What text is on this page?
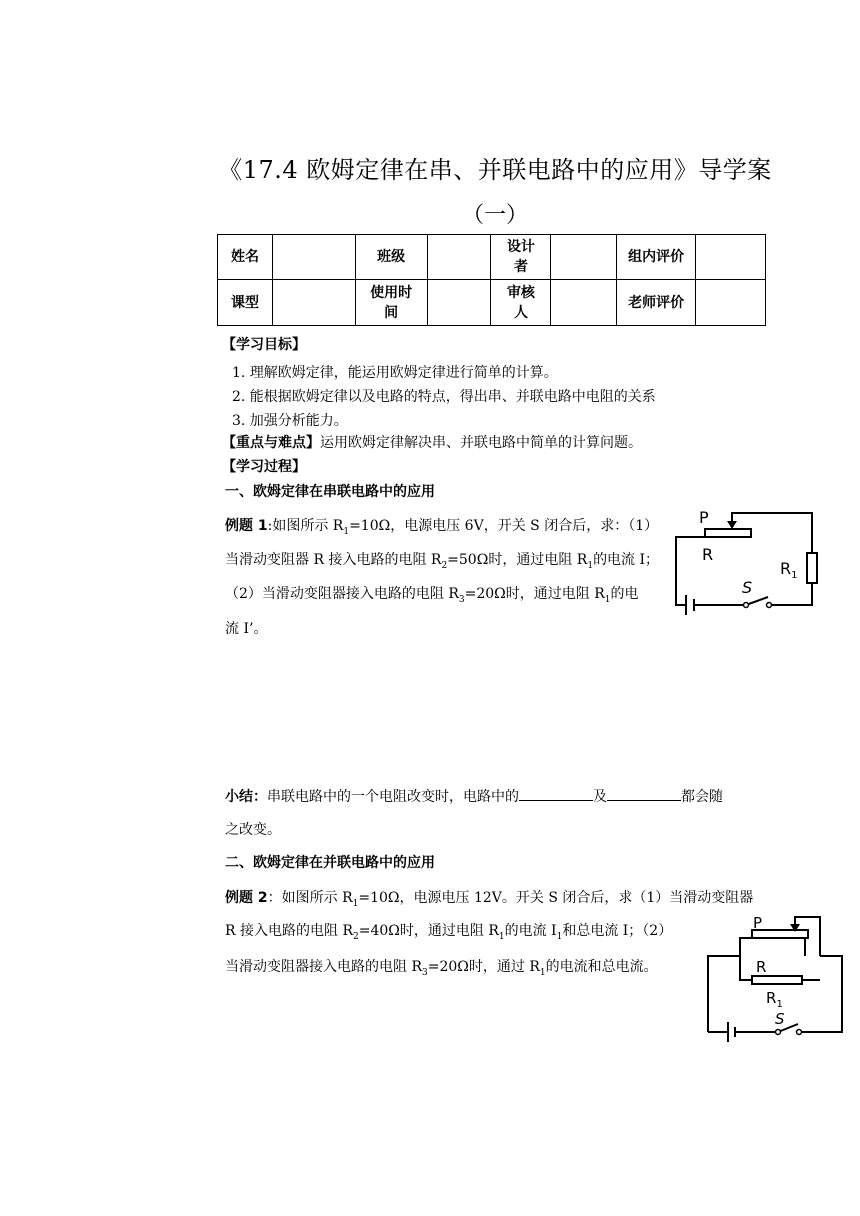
《17.4 欧姆定律在串、并联电路中的应用》导学案
（一）
姓名		班级		设计者		组内评价	
课型		使用时间		审核人		老师评价	
【学习目标】
1. 理解欧姆定律，能运用欧姆定律进行简单的计算。
2. 能根据欧姆定律以及电路的特点，得出串、并联电路中电阻的关系
3. 加强分析能力。
【重点与难点】运用欧姆定律解决串、并联电路中简单的计算问题。
【学习过程】
一、欧姆定律在串联电路中的应用
例题 1:如图所示 $R_1=10\Omega$，电源电压 6V，开关 S 闭合后，求：（1）
当滑动变阻器 R 接入电路的电阻 $R_2=50\Omega$时，通过电阻 $R_1$的电流 I；
（2）当滑动变阻器接入电路的电阻 $R_3=20\Omega$时，通过电阻 $R_1$的电
流 I’。
P
R
$R_1$
S
小结：串联电路中的一个电阻改变时，电路中的	及	都会随
之改变。
二、欧姆定律在并联电路中的应用
例题 2：如图所示 $R_1=10\Omega$，电源电压 12V。开关 S 闭合后，求（1）当滑动变阻器
R 接入电路的电阻 $R_2=40\Omega$时，通过电阻 $R_1$的电流 $I_1$和总电流 I；（2）
当滑动变阻器接入电路的电阻 $R_3=20\Omega$时，通过 $R_1$的电流和总电流。
P
R
$R_1$
S
